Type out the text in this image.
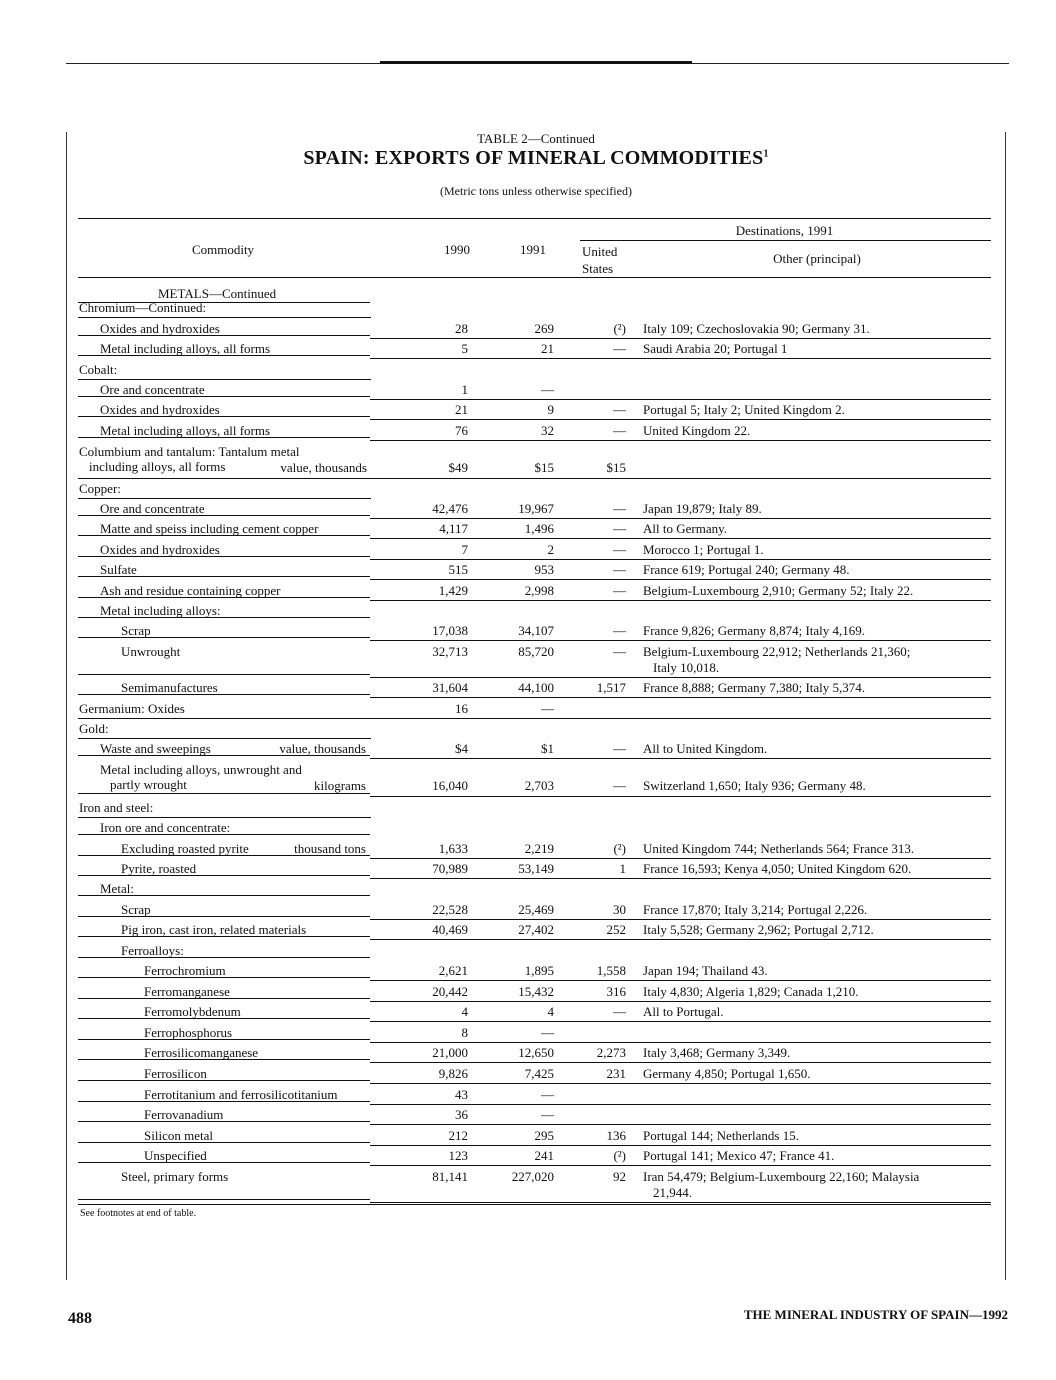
TABLE 2—Continued
SPAIN: EXPORTS OF MINERAL COMMODITIES$^1$
(Metric tons unless otherwise specified)
Destinations, 1991
Commodity	1990	1991	United
States
Other (principal)
METALS—Continued
Chromium—Continued:
Oxides and hydroxides	28	269	(²) Italy 109; Czechoslovakia 90; Germany 31.
Metal including alloys, all forms	5	21	— Saudi Arabia 20; Portugal 1
Cobalt:
Ore and concentrate	1	—
Oxides and hydroxides	21	9	— Portugal 5; Italy 2; United Kingdom 2.
Metal including alloys, all forms	76	32	— United Kingdom 22.
Columbium and tantalum: Tantalum metal
including alloys, all forms	value, thousands	$49	$15	$15
Copper:
Ore and concentrate	42,476	19,967	— Japan 19,879; Italy 89.
Matte and speiss including cement copper	4,117	1,496	— All to Germany.
Oxides and hydroxides	7	2	— Morocco 1; Portugal 1.
Sulfate	515	953	— France 619; Portugal 240; Germany 48.
Ash and residue containing copper	1,429	2,998	— Belgium-Luxembourg 2,910; Germany 52; Italy 22.
Metal including alloys:
Scrap	17,038	34,107	— France 9,826; Germany 8,874; Italy 4,169.
Unwrought	32,713	85,720	— Belgium-Luxembourg 22,912; Netherlands 21,360;
Italy 10,018.
Semimanufactures	31,604	44,100	1,517 France 8,888; Germany 7,380; Italy 5,374.
Germanium: Oxides	16	—
Gold:
Waste and sweepings	value, thousands	$4	$1	— All to United Kingdom.
Metal including alloys, unwrought and
partly wrought	kilograms	16,040	2,703	— Switzerland 1,650; Italy 936; Germany 48.
Iron and steel:
Iron ore and concentrate:
Excluding roasted pyrite	thousand tons	1,633	2,219	(²) United Kingdom 744; Netherlands 564; France 313.
Pyrite, roasted	70,989	53,149	1 France 16,593; Kenya 4,050; United Kingdom 620.
Metal:
Scrap	22,528	25,469	30 France 17,870; Italy 3,214; Portugal 2,226.
Pig iron, cast iron, related materials	40,469	27,402	252 Italy 5,528; Germany 2,962; Portugal 2,712.
Ferroalloys:
Ferrochromium	2,621	1,895	1,558 Japan 194; Thailand 43.
Ferromanganese	20,442	15,432	316 Italy 4,830; Algeria 1,829; Canada 1,210.
Ferromolybdenum	4	4	— All to Portugal.
Ferrophosphorus	8	—
Ferrosilicomanganese	21,000	12,650	2,273 Italy 3,468; Germany 3,349.
Ferrosilicon	9,826	7,425	231 Germany 4,850; Portugal 1,650.
Ferrotitanium and ferrosilicotitanium	43	—
Ferrovanadium	36	—
Silicon metal	212	295	136 Portugal 144; Netherlands 15.
Unspecified	123	241	(²) Portugal 141; Mexico 47; France 41.
Steel, primary forms	81,141	227,020	92 Iran 54,479; Belgium-Luxembourg 22,160; Malaysia
21,944.
See footnotes at end of table.
488	THE MINERAL INDUSTRY OF SPAIN—1992
